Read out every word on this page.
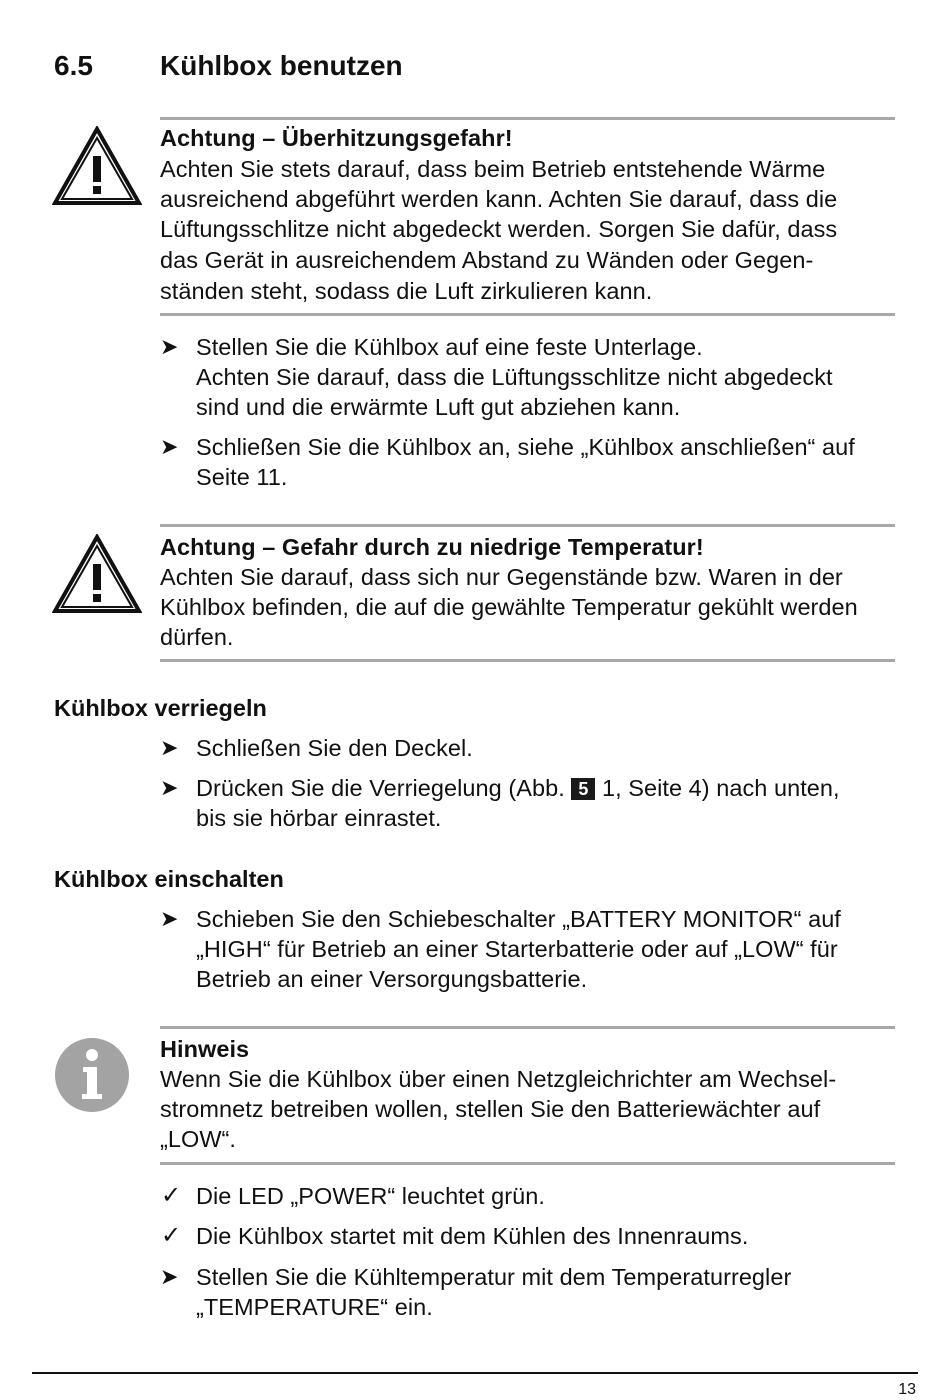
6.5 Kühlbox benutzen
Achtung – Überhitzungsgefahr!
Achten Sie stets darauf, dass beim Betrieb entstehende Wärme
ausreichend abgeführt werden kann. Achten Sie darauf, dass die
Lüftungsschlitze nicht abgedeckt werden. Sorgen Sie dafür, dass
das Gerät in ausreichendem Abstand zu Wänden oder Gegen-
ständen steht, sodass die Luft zirkulieren kann.
➤ Stellen Sie die Kühlbox auf eine feste Unterlage.
Achten Sie darauf, dass die Lüftungsschlitze nicht abgedeckt
sind und die erwärmte Luft gut abziehen kann.
➤ Schließen Sie die Kühlbox an, siehe „Kühlbox anschließen“ auf
Seite 11.
Achtung – Gefahr durch zu niedrige Temperatur!
Achten Sie darauf, dass sich nur Gegenstände bzw. Waren in der
Kühlbox befinden, die auf die gewählte Temperatur gekühlt werden
dürfen.
Kühlbox verriegeln
➤ Schließen Sie den Deckel.
➤ Drücken Sie die Verriegelung (Abb. 5 1, Seite 4) nach unten,
bis sie hörbar einrastet.
Kühlbox einschalten
➤ Schieben Sie den Schiebeschalter „BATTERY MONITOR“ auf
„HIGH“ für Betrieb an einer Starterbatterie oder auf „LOW“ für
Betrieb an einer Versorgungsbatterie.
Hinweis
Wenn Sie die Kühlbox über einen Netzgleichrichter am Wechsel-
stromnetz betreiben wollen, stellen Sie den Batteriewächter auf
„LOW“.
✓ Die LED „POWER“ leuchtet grün.
✓ Die Kühlbox startet mit dem Kühlen des Innenraums.
➤ Stellen Sie die Kühltemperatur mit dem Temperaturregler
„TEMPERATURE“ ein.
13
